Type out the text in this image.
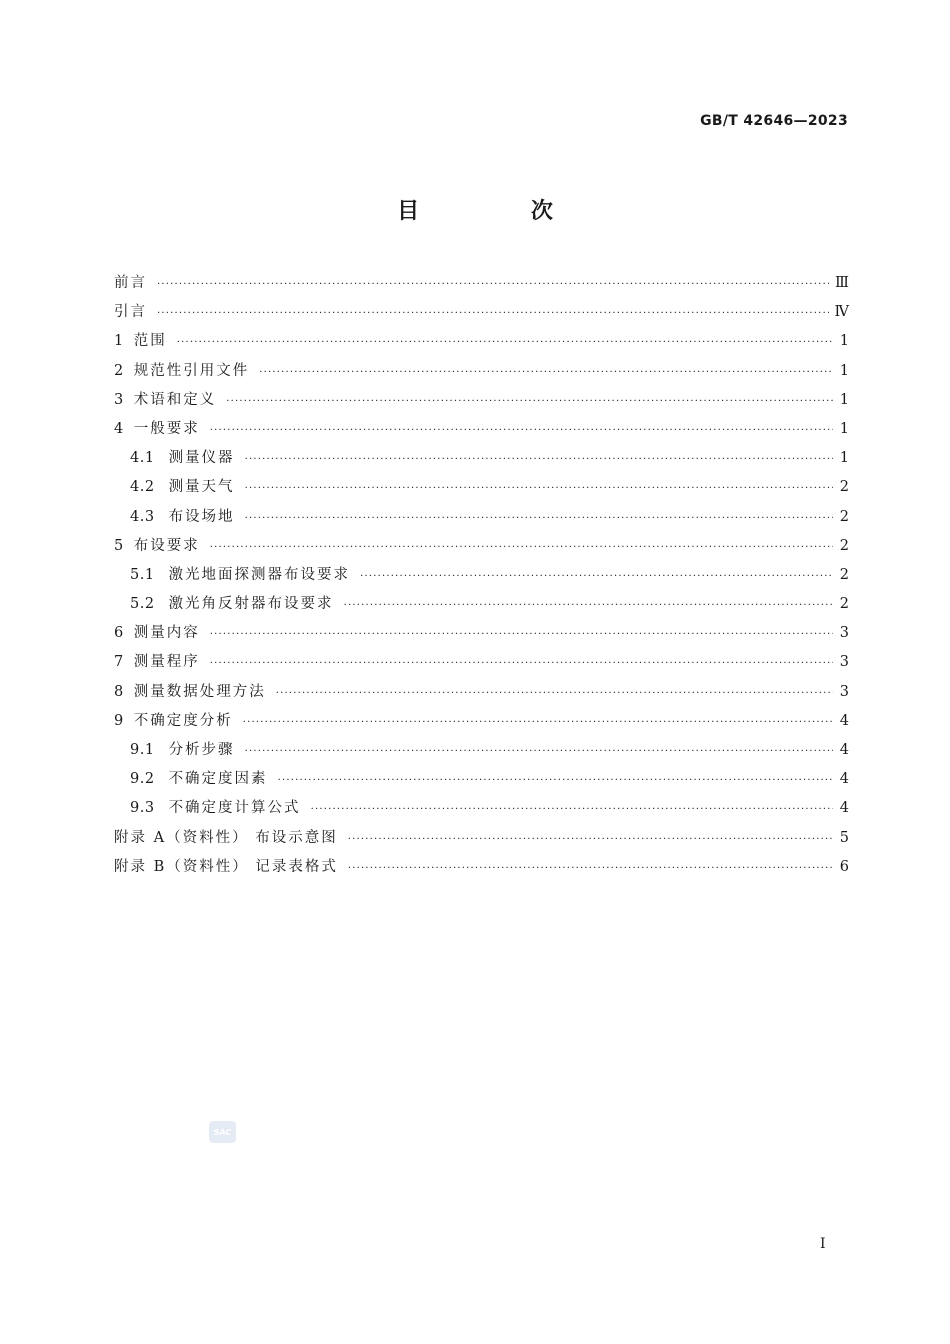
GB/T 42646—2023
目 次
前言 ·····	Ⅲ
引言 ·····	Ⅳ
1 范围 ·····	1
2 规范性引用文件 ·····	1
3 术语和定义 ·····	1
4 一般要求 ·····	1
4.1 测量仪器 ·····	1
4.2 测量天气 ·····	2
4.3 布设场地 ·····	2
5 布设要求 ·····	2
5.1 激光地面探测器布设要求 ·····	2
5.2 激光角反射器布设要求 ·····	2
6 测量内容 ·····	3
7 测量程序 ·····	3
8 测量数据处理方法 ·····	3
9 不确定度分析 ·····	4
9.1 分析步骤 ·····	4
9.2 不确定度因素 ·····	4
9.3 不确定度计算公式 ·····	4
附录 A（资料性） 布设示意图 ·····	5
附录 B（资料性） 记录表格式 ·····	6
SAC
Ⅰ
